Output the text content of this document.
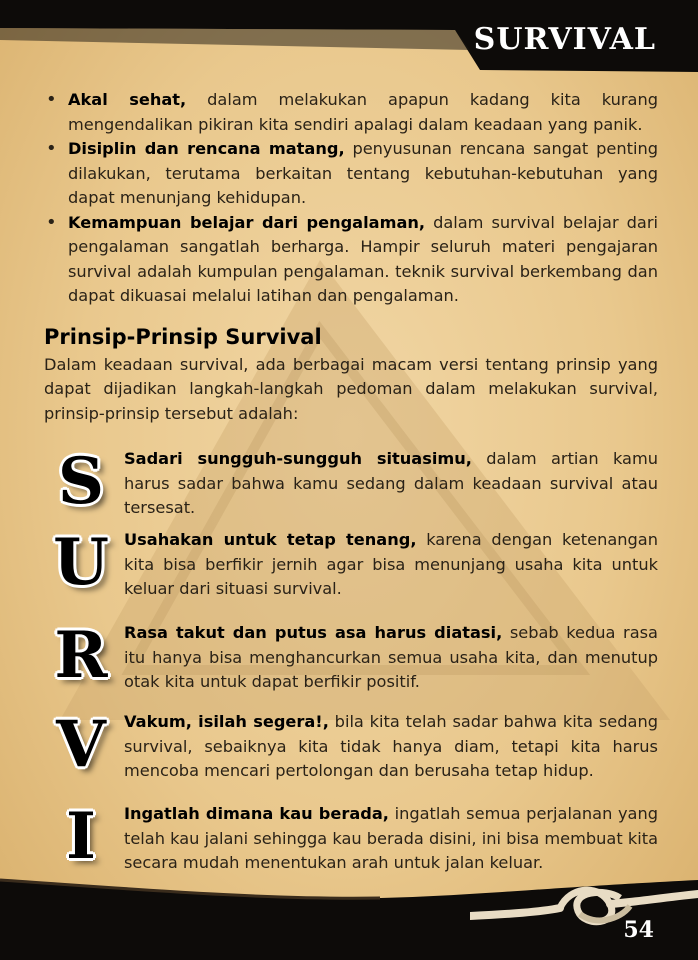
SURVIVAL
54
• Akal sehat, dalam melakukan apapun kadang kita kurang mengendalikan pikiran kita sendiri apalagi dalam keadaan yang panik.
• Disiplin dan rencana matang, penyusunan rencana sangat penting dilakukan, terutama berkaitan tentang kebutuhan-kebutuhan yang dapat menunjang kehidupan.
• Kemampuan belajar dari pengalaman, dalam survival belajar dari pengalaman sangatlah berharga. Hampir seluruh materi pengajaran survival adalah kumpulan pengalaman. teknik survival berkembang dan dapat dikuasai melalui latihan dan pengalaman.
Prinsip-Prinsip Survival

Dalam keadaan survival, ada berbagai macam versi tentang prinsip yang dapat dijadikan langkah-langkah pedoman dalam melakukan survival, prinsip-prinsip tersebut adalah:

S	Sadari sungguh-sungguh situasimu, dalam artian kamu harus sadar bahwa kamu sedang dalam keadaan survival atau tersesat.

U Usahakan untuk tetap tenang, karena dengan ketenangan kita bisa berfikir jernih agar bisa menunjang usaha kita untuk keluar dari situasi survival.

R	Rasa takut dan putus asa harus diatasi, sebab kedua rasa itu hanya bisa menghancurkan semua usaha kita, dan menutup otak kita untuk dapat berfikir positif.

V	Vakum, isilah segera!, bila kita telah sadar bahwa kita sedang survival, sebaiknya kita tidak hanya diam, tetapi kita harus mencoba mencari pertolongan dan berusaha tetap hidup.

I	Ingatlah dimana kau berada, ingatlah semua perjalanan yang telah kau jalani sehingga kau berada disini, ini bisa membuat kita secara mudah menentukan arah untuk jalan keluar.
